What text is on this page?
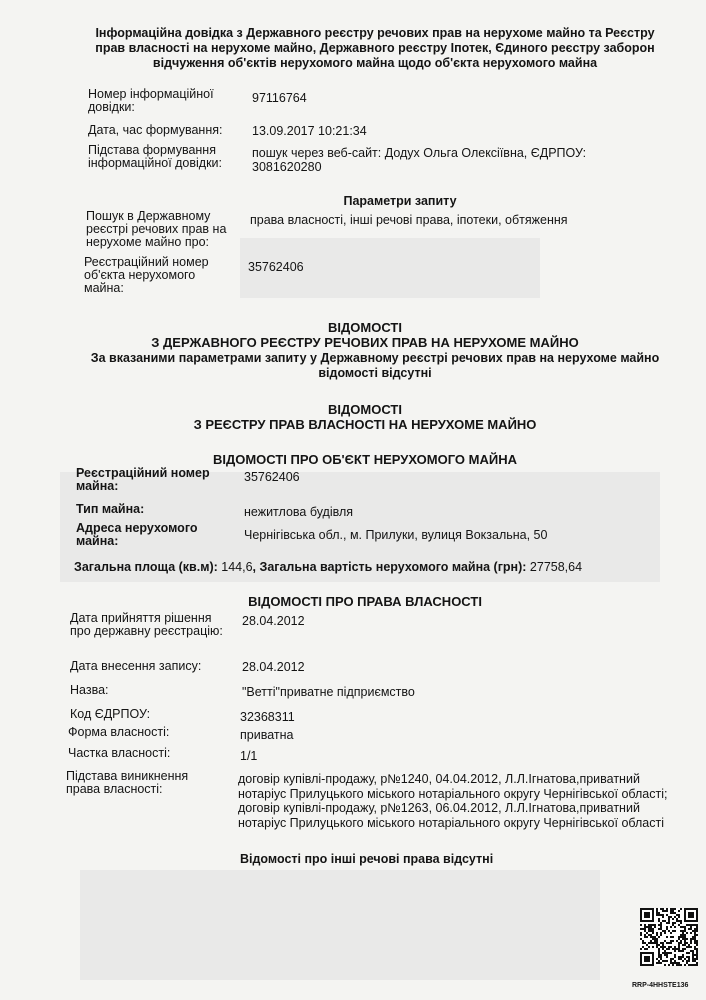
Інформаційна довідка з Державного реєстру речових прав на нерухоме майно та Реєстру прав власності на нерухоме майно, Державного реєстру Іпотек, Єдиного реєстру заборон відчуження об'єктів нерухомого майна щодо об'єкта нерухомого майна
Номер інформаційної довідки:
97116764
Дата, час формування:	13.09.2017 10:21:34
Підстава формування інформаційної довідки:
пошук через веб-сайт: Додух Ольга Олексіївна, ЄДРПОУ: 3081620280
Параметри запиту
Пошук в Державному реєстрі речових прав на нерухоме майно про:
права власності, інші речові права, іпотеки, обтяження
Реєстраційний номер об'єкта нерухомого майна:
35762406
ВІДОМОСТІ
З ДЕРЖАВНОГО РЕЄСТРУ РЕЧОВИХ ПРАВ НА НЕРУХОМЕ МАЙНО
За вказаними параметрами запиту у Державному реєстрі речових прав на нерухоме майно відомості відсутні
ВІДОМОСТІ
З РЕЄСТРУ ПРАВ ВЛАСНОСТІ НА НЕРУХОМЕ МАЙНО
ВІДОМОСТІ ПРО ОБ'ЄКТ НЕРУХОМОГО МАЙНА
Реєстраційний номер майна:
35762406
Тип майна:	нежитлова будівля
Адреса нерухомого майна:	Чернігівська обл., м. Прилуки, вулиця Вокзальна, 50
Загальна площа (кв.м): 144,6, Загальна вартість нерухомого майна (грн): 27758,64
ВІДОМОСТІ ПРО ПРАВА ВЛАСНОСТІ
Дата прийняття рішення про державну реєстрацію:
28.04.2012
Дата внесення запису:	28.04.2012
Назва:	"Ветті"приватне підприємство
Код ЄДРПОУ:	32368311
Форма власності:	приватна
Частка власності:	1/1
Підстава виникнення права власності:
договір купівлі-продажу, р№1240, 04.04.2012, Л.Л.Ігнатова,приватний нотаріус Прилуцького міського нотаріального округу Чернігівської області; договір купівлі-продажу, р№1263, 06.04.2012, Л.Л.Ігнатова,приватний нотаріус Прилуцького міського нотаріального округу Чернігівської області
Відомості про інші речові права відсутні
RRP-4HHSTE136
